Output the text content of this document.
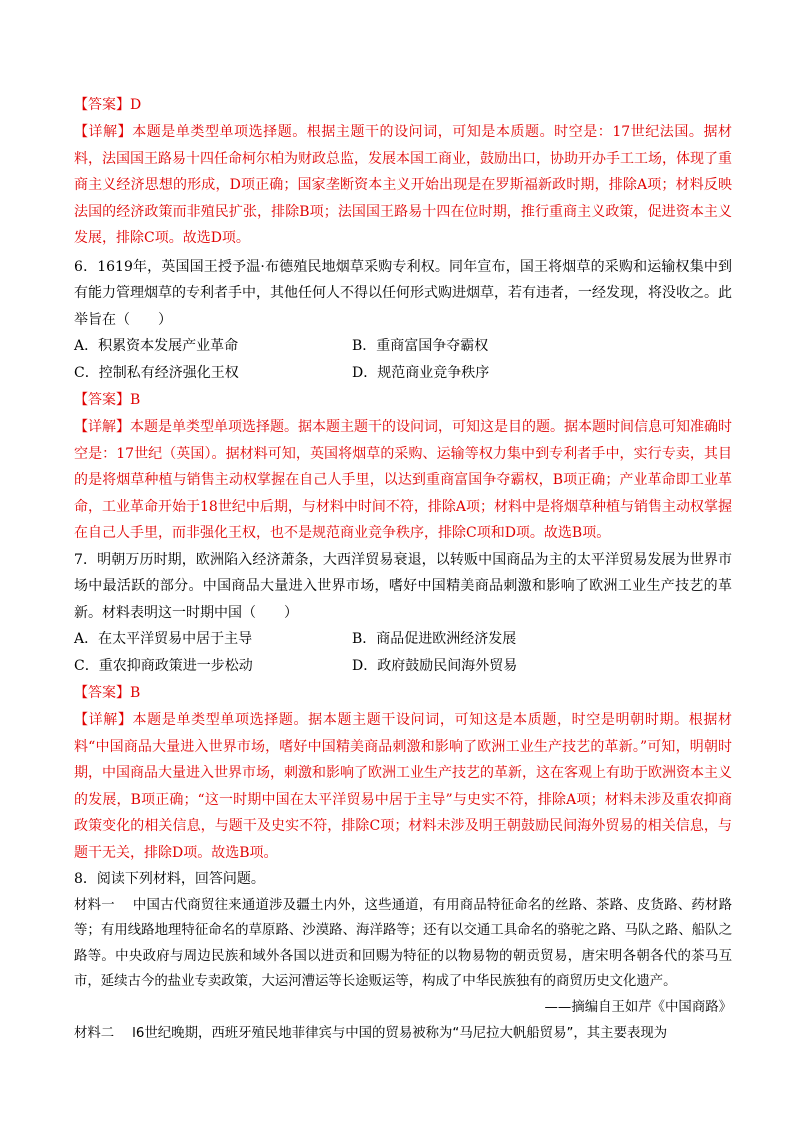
【答案】D

【详解】本题是单类型单项选择题。根据主题干的设问词，可知是本质题。时空是：17世纪法国。据材料，法国国王路易十四任命柯尔柏为财政总监，发展本国工商业，鼓励出口，协助开办手工工场，体现了重商主义经济思想的形成，D项正确；国家垄断资本主义开始出现是在罗斯福新政时期，排除A项；材料反映法国的经济政策而非殖民扩张，排除B项；法国国王路易十四在位时期，推行重商主义政策，促进资本主义发展，排除C项。故选D项。

6．1619年，英国国王授予温·布德殖民地烟草采购专利权。同年宣布，国王将烟草的采购和运输权集中到有能力管理烟草的专利者手中，其他任何人不得以任何形式购进烟草，若有违者，一经发现，将没收之。此举旨在（　　）

A．积累资本发展产业革命	B．重商富国争夺霸权
C．控制私有经济强化王权	D．规范商业竞争秩序

【答案】B

【详解】本题是单类型单项选择题。据本题主题干的设问词，可知这是目的题。据本题时间信息可知准确时空是：17世纪（英国）。据材料可知，英国将烟草的采购、运输等权力集中到专利者手中，实行专卖，其目的是将烟草种植与销售主动权掌握在自己人手里，以达到重商富国争夺霸权，B项正确；产业革命即工业革命，工业革命开始于18世纪中后期，与材料中时间不符，排除A项；材料中是将烟草种植与销售主动权掌握在自己人手里，而非强化王权，也不是规范商业竞争秩序，排除C项和D项。故选B项。

7．明朝万历时期，欧洲陷入经济萧条，大西洋贸易衰退，以转贩中国商品为主的太平洋贸易发展为世界市场中最活跃的部分。中国商品大量进入世界市场，嗜好中国精美商品刺激和影响了欧洲工业生产技艺的革新。材料表明这一时期中国（　　）

A．在太平洋贸易中居于主导	B．商品促进欧洲经济发展
C．重农抑商政策进一步松动	D．政府鼓励民间海外贸易

【答案】B

【详解】本题是单类型单项选择题。据本题主题干设问词，可知这是本质题，时空是明朝时期。根据材料“中国商品大量进入世界市场，嗜好中国精美商品刺激和影响了欧洲工业生产技艺的革新。”可知，明朝时期，中国商品大量进入世界市场，刺激和影响了欧洲工业生产技艺的革新，这在客观上有助于欧洲资本主义的发展，B项正确；“这一时期中国在太平洋贸易中居于主导”与史实不符，排除A项；材料未涉及重农抑商政策变化的相关信息，与题干及史实不符，排除C项；材料未涉及明王朝鼓励民间海外贸易的相关信息，与题干无关，排除D项。故选B项。

8．阅读下列材料，回答问题。

材料一 中国古代商贸往来通道涉及疆土内外，这些通道，有用商品特征命名的丝路、茶路、皮货路、药材路等；有用线路地理特征命名的草原路、沙漠路、海洋路等；还有以交通工具命名的骆驼之路、马队之路、船队之路等。中央政府与周边民族和域外各国以进贡和回赐为特征的以物易物的朝贡贸易，唐宋明各朝各代的茶马互市，延续古今的盐业专卖政策，大运河漕运等长途贩运等，构成了中华民族独有的商贸历史文化遗产。

——摘编自王如芹《中国商路》

材料二 l6世纪晚期，西班牙殖民地菲律宾与中国的贸易被称为“马尼拉大帆船贸易”，其主要表现为
